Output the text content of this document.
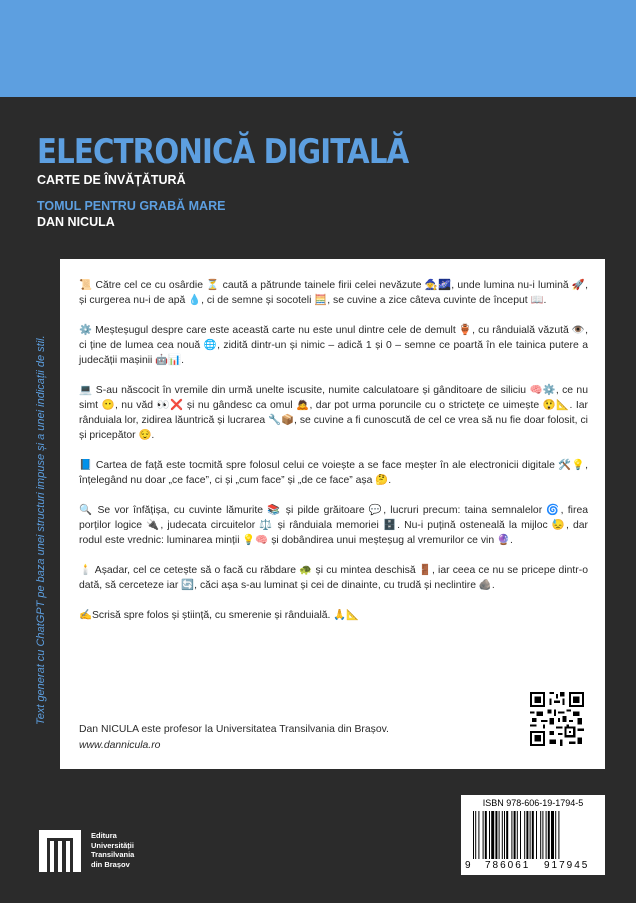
ELECTRONICĂ DIGITALĂ
CARTE DE ÎNVĂȚĂTURĂ
TOMUL PENTRU GRABĂ MARE
DAN NICULA
Text generat cu ChatGPT pe baza unei structuri impuse și a unei indicații de stil.

📜 Către cel ce cu osârdie ⏳ caută a pătrunde tainele firii celei nevăzute 🧙🌌, unde lumina nu-i lumină 🚀, și curgerea nu-i de apă 💧, ci de semne și socoteli 🧮, se cuvine a zice câteva cuvinte de început 📖.

⚙️ Meșteșugul despre care este această carte nu este unul dintre cele de demult 🏺, cu rânduială văzută 👁️, ci ține de lumea cea nouă 🌐, zidită dintr-un și nimic – adică 1 și 0 – semne ce poartă în ele tainica putere a judecății mașinii 🤖📊.

💻 S-au născocit în vremile din urmă unelte iscusite, numite calculatoare și gânditoare de siliciu 🧠⚙️, ce nu simt 😶, nu văd 👀❌ și nu gândesc ca omul 🙇, dar pot urma poruncile cu o strictețe ce uimește 😲📐. Iar rânduiala lor, zidirea lăuntrică și lucrarea 🔧📦, se cuvine a fi cunoscută de cel ce vrea să nu fie doar folosit, ci și pricepător 😌.

📘 Cartea de față este tocmită spre folosul celui ce voiește a se face meșter în ale electronicii digitale 🛠️💡, înțelegând nu doar „ce face”, ci și „cum face” și „de ce face” așa 🤔.

🔍 Se vor înfățișa, cu cuvinte lămurite 📚 și pilde grăitoare 💬, lucruri precum: taina semnalelor 🌀, firea porților logice 🔌, judecata circuitelor ⚖️ și rânduiala memoriei 🗄️. Nu-i puțină osteneală la mijloc 😓, dar rodul este vrednic: luminarea minții 💡🧠 și dobândirea unui meșteșug al vremurilor ce vin 🔮.

🕯️ Așadar, cel ce cetește să o facă cu răbdare 🐢 și cu mintea deschisă 🚪, iar ceea ce nu se pricepe dintr-o dată, să cerceteze iar 🔄, căci așa s-au luminat și cei de dinainte, cu trudă și neclintire 🪨.

✍️Scrisă spre folos și știință, cu smerenie și rânduială. 🙏📐

Dan NICULA este profesor la Universitatea Transilvania din Brașov.
www.dannicula.ro
Editura
Universității
Transilvania
din Brașov
ISBN 978-606-19-1794-5
9 786061 917945
